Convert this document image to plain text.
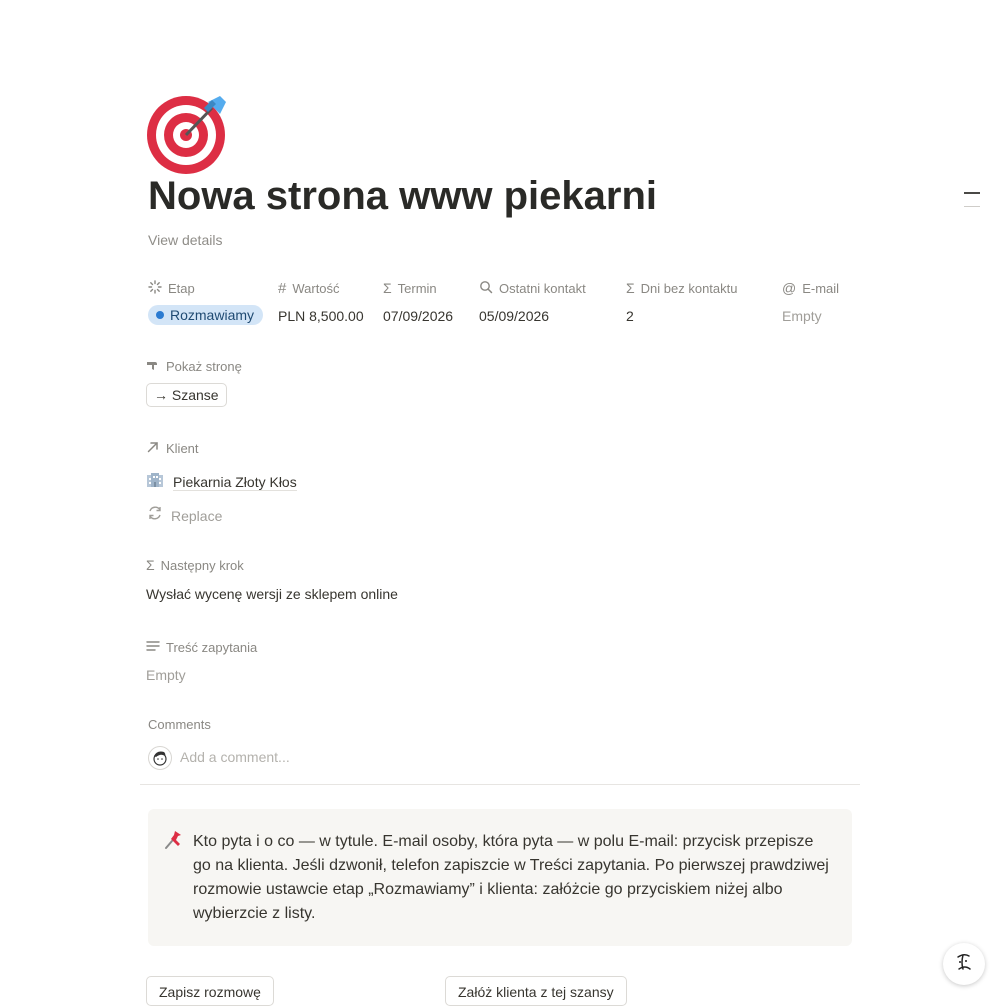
Nowa strona www piekarni
View details
Etap
Rozmawiamy
# Wartość
PLN 8,500.00
Σ Termin
07/09/2026
Ostatni kontakt
05/09/2026
Σ Dni bez kontaktu
2
@ E-mail
Empty
Pokaż stronę
→ Szanse
Klient
Piekarnia Złoty Kłos
Replace
Σ Następny krok
Wysłać wycenę wersji ze sklepem online
Treść zapytania
Empty
Comments
Add a comment...
Kto pyta i o co — w tytule. E-mail osoby, która pyta — w polu E-mail: przycisk przepisze go na klienta. Jeśli dzwonił, telefon zapiszcie w Treści zapytania. Po pierwszej prawdziwej rozmowie ustawcie etap „Rozmawiamy” i klienta: załóżcie go przyciskiem niżej albo wybierzcie z listy.
Zapisz rozmowę	Załóż klienta z tej szansy
